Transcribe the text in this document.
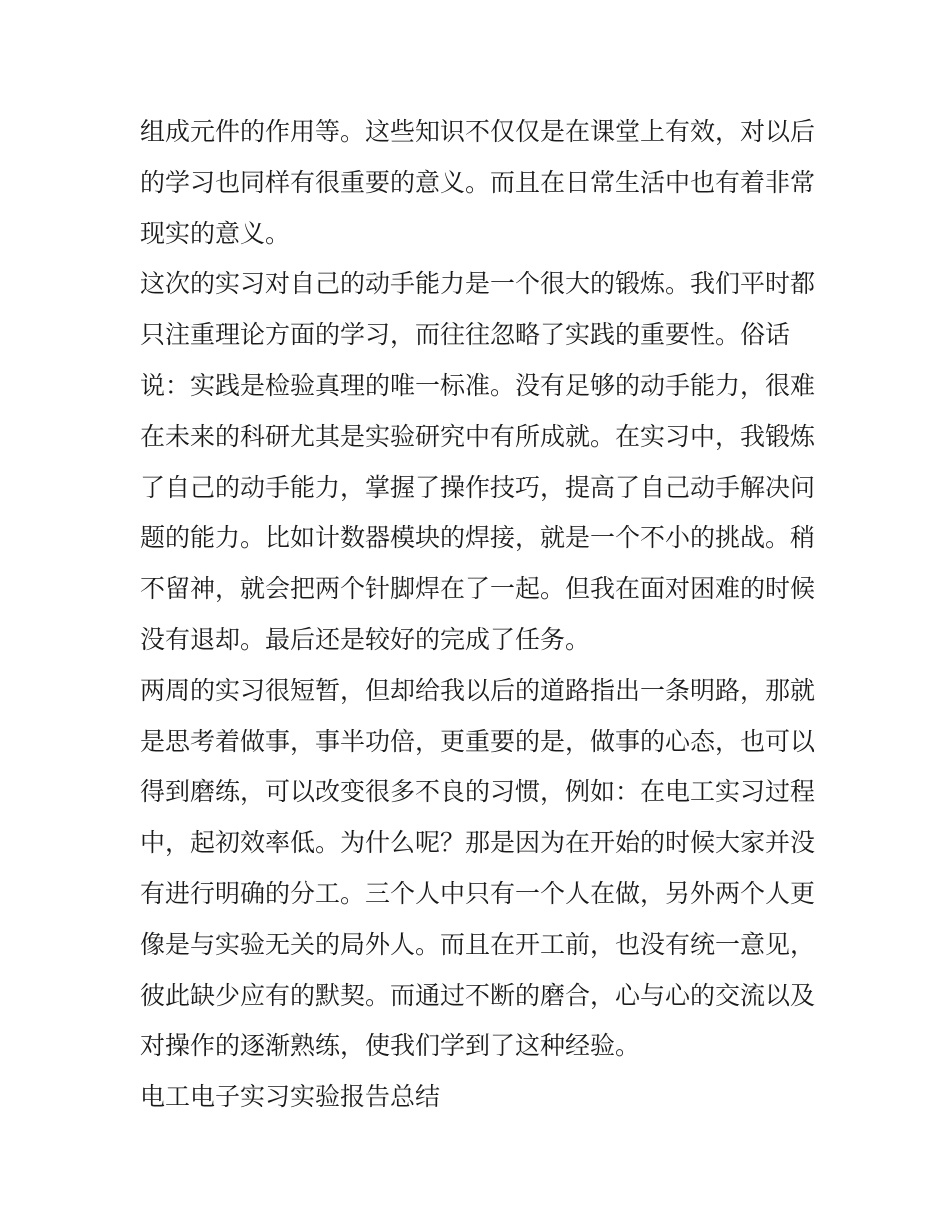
组成元件的作用等。这些知识不仅仅是在课堂上有效，对以后
的学习也同样有很重要的意义。而且在日常生活中也有着非常
现实的意义。
这次的实习对自己的动手能力是一个很大的锻炼。我们平时都
只注重理论方面的学习，而往往忽略了实践的重要性。俗话
说：实践是检验真理的唯一标准。没有足够的动手能力，很难
在未来的科研尤其是实验研究中有所成就。在实习中，我锻炼
了自己的动手能力，掌握了操作技巧，提高了自己动手解决问
题的能力。比如计数器模块的焊接，就是一个不小的挑战。稍
不留神，就会把两个针脚焊在了一起。但我在面对困难的时候
没有退却。最后还是较好的完成了任务。
两周的实习很短暂，但却给我以后的道路指出一条明路，那就
是思考着做事，事半功倍，更重要的是，做事的心态，也可以
得到磨练，可以改变很多不良的习惯，例如：在电工实习过程
中，起初效率低。为什么呢？那是因为在开始的时候大家并没
有进行明确的分工。三个人中只有一个人在做，另外两个人更
像是与实验无关的局外人。而且在开工前，也没有统一意见，
彼此缺少应有的默契。而通过不断的磨合，心与心的交流以及
对操作的逐渐熟练，使我们学到了这种经验。
电工电子实习实验报告总结
